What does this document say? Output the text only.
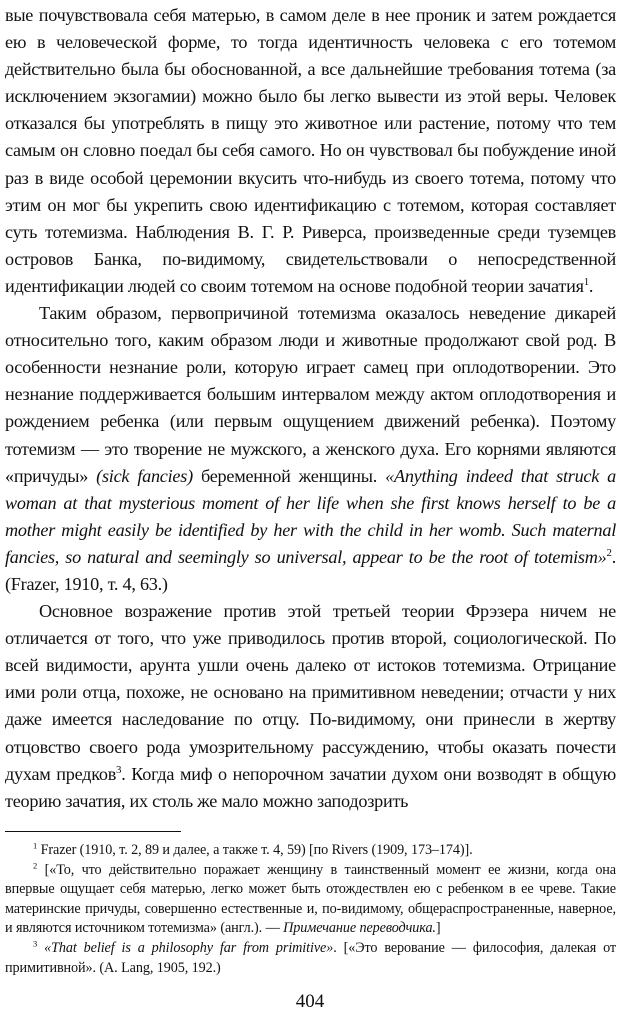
вые почувствовала себя матерью, в самом деле в нее проник и затем рождается ею в человеческой форме, то тогда идентичность человека с его тотемом действительно была бы обоснованной, а все дальнейшие требования тотема (за исключением экзогамии) можно было бы легко вывести из этой веры. Человек отказался бы употреблять в пищу это животное или растение, потому что тем самым он словно поедал бы себя самого. Но он чувствовал бы побуждение иной раз в виде особой церемонии вкусить что-нибудь из своего тотема, потому что этим он мог бы укрепить свою идентификацию с тотемом, которая составляет суть тотемизма. Наблюдения В. Г. Р. Риверса, произведенные среди туземцев островов Банка, по-видимому, свидетельствовали о непосредственной идентификации людей со своим тотемом на основе подобной теории зачатия$^1$.

Таким образом, первопричиной тотемизма оказалось неведение дикарей относительно того, каким образом люди и животные продолжают свой род. В особенности незнание роли, которую играет самец при оплодотворении. Это незнание поддерживается большим интервалом между актом оплодотворения и рождением ребенка (или первым ощущением движений ребенка). Поэтому тотемизм — это творение не мужского, а женского духа. Его корнями являются «причуды» (sick fancies) беременной женщины. «Anything indeed that struck a woman at that mysterious moment of her life when she first knows herself to be a mother might easily be identified by her with the child in her womb. Such maternal fancies, so natural and seemingly so universal, appear to be the root of totemism»$^2$. (Frazer, 1910, т. 4, 63.)

Основное возражение против этой третьей теории Фрэзера ничем не отличается от того, что уже приводилось против второй, социологической. По всей видимости, арунта ушли очень далеко от истоков тотемизма. Отрицание ими роли отца, похоже, не основано на примитивном неведении; отчасти у них даже имеется наследование по отцу. По-видимому, они принесли в жертву отцовство своего рода умозрительному рассуждению, чтобы оказать почести духам предков$^3$. Когда миф о непорочном зачатии духом они возводят в общую теорию зачатия, их столь же мало можно заподозрить

$^1$ Frazer (1910, т. 2, 89 и далее, а также т. 4, 59) [по Rivers (1909, 173–174)].

$^2$ [«То, что действительно поражает женщину в таинственный момент ее жизни, когда она впервые ощущает себя матерью, легко может быть отождествлен ею с ребенком в ее чреве. Такие материнские причуды, совершенно естественные и, по-видимому, общераспространенные, наверное, и являются источником тотемизма» (англ.). — Примечание переводчика.]

$^3$ «That belief is a philosophy far from primitive». [«Это верование — философия, далекая от примитивной». (A. Lang, 1905, 192.)

404
